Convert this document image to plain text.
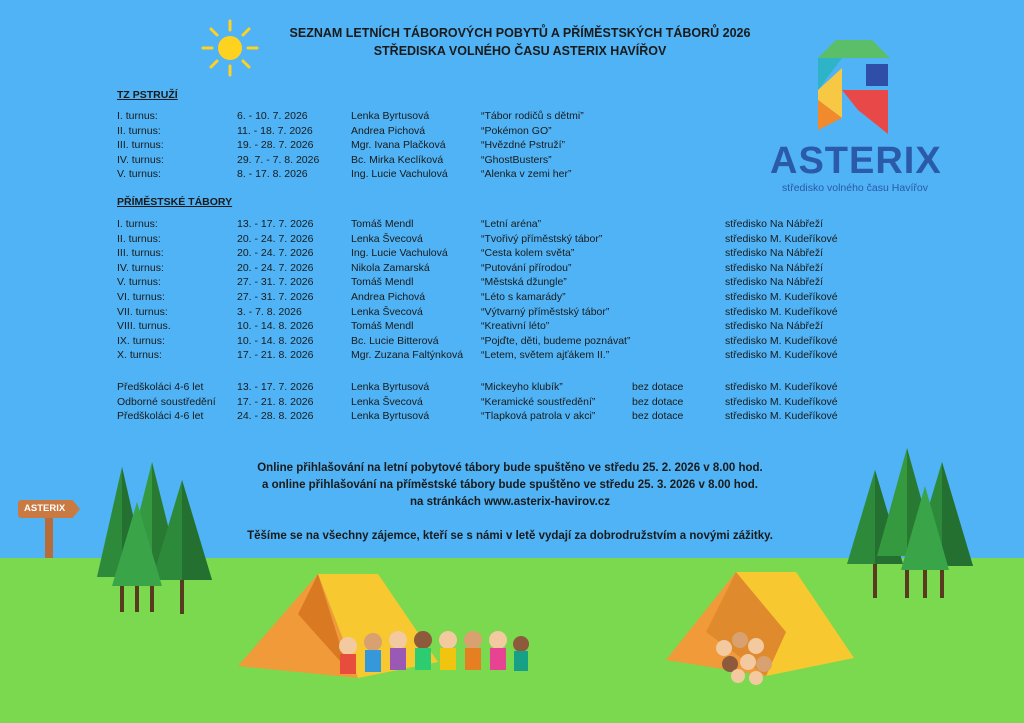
SEZNAM LETNÍCH TÁBOROVÝCH POBYTŮ A PŘÍMĚSTSKÝCH TÁBORŮ 2026
STŘEDISKA VOLNÉHO ČASU ASTERIX HAVÍŘOV
ASTERIX
středisko volného času Havířov
TZ PSTRUŽÍ
I. turnus:	6. - 10. 7. 2026	Lenka Byrtusová	“Tábor rodičů s dětmi”
II. turnus:	11. - 18. 7. 2026	Andrea Pichová	“Pokémon GO”
III. turnus:	19. - 28. 7. 2026	Mgr. Ivana Plačková	“Hvězdné Pstruží”
IV. turnus:	29. 7. - 7. 8. 2026	Bc. Mirka Keclíková	“GhostBusters”
V. turnus:	8. - 17. 8. 2026	Ing. Lucie Vachulová	“Alenka v zemi her”
PŘÍMĚSTSKÉ TÁBORY
I. turnus:	13. - 17. 7. 2026	Tomáš Mendl	“Letní aréna”	středisko Na Nábřeží
II. turnus:	20. - 24. 7. 2026	Lenka Švecová	“Tvořivý příměstský tábor”	středisko M. Kudeříkové
III. turnus:	20. - 24. 7. 2026	Ing. Lucie Vachulová	“Cesta kolem světa”	středisko Na Nábřeží
IV. turnus:	20. - 24. 7. 2026	Nikola Zamarská	“Putování přírodou”	středisko Na Nábřeží
V. turnus:	27. - 31. 7. 2026	Tomáš Mendl	“Městská džungle”	středisko Na Nábřeží
VI. turnus:	27. - 31. 7. 2026	Andrea Pichová	“Léto s kamarády”	středisko M. Kudeříkové
VII. turnus:	3. - 7. 8. 2026	Lenka Švecová	“Výtvarný příměstský tábor”	středisko M. Kudeříkové
VIII. turnus.	10. - 14. 8. 2026	Tomáš Mendl	“Kreativní léto”	středisko Na Nábřeží
IX. turnus:	10. - 14. 8. 2026	Bc. Lucie Bitterová	“Pojďte, děti, budeme poznávat”	středisko M. Kudeříkové
X. turnus:	17. - 21. 8. 2026	Mgr. Zuzana Faltýnková “Letem, světem ajťákem II.”	středisko M. Kudeříkové
Předškoláci 4-6 let	13. - 17. 7. 2026	Lenka Byrtusová	“Mickeyho klubík”	bez dotace	středisko M. Kudeříkové
Odborné soustředění 17. - 21. 8. 2026	Lenka Švecová	“Keramické soustředění”	bez dotace	středisko M. Kudeříkové
Předškoláci 4-6 let	24. - 28. 8. 2026	Lenka Byrtusová	“Tlapková patrola v akci”	bez dotace	středisko M. Kudeříkové
Online přihlašování na letní pobytové tábory bude spuštěno ve středu 25. 2. 2026 v 8.00 hod.
a online přihlašování na příměstské tábory bude spuštěno ve středu 25. 3. 2026 v 8.00 hod.
na stránkách www.asterix-havirov.cz
Těšíme se na všechny zájemce, kteří se s námi v letě vydají za dobrodružstvím a novými zážitky.
ASTERIX
